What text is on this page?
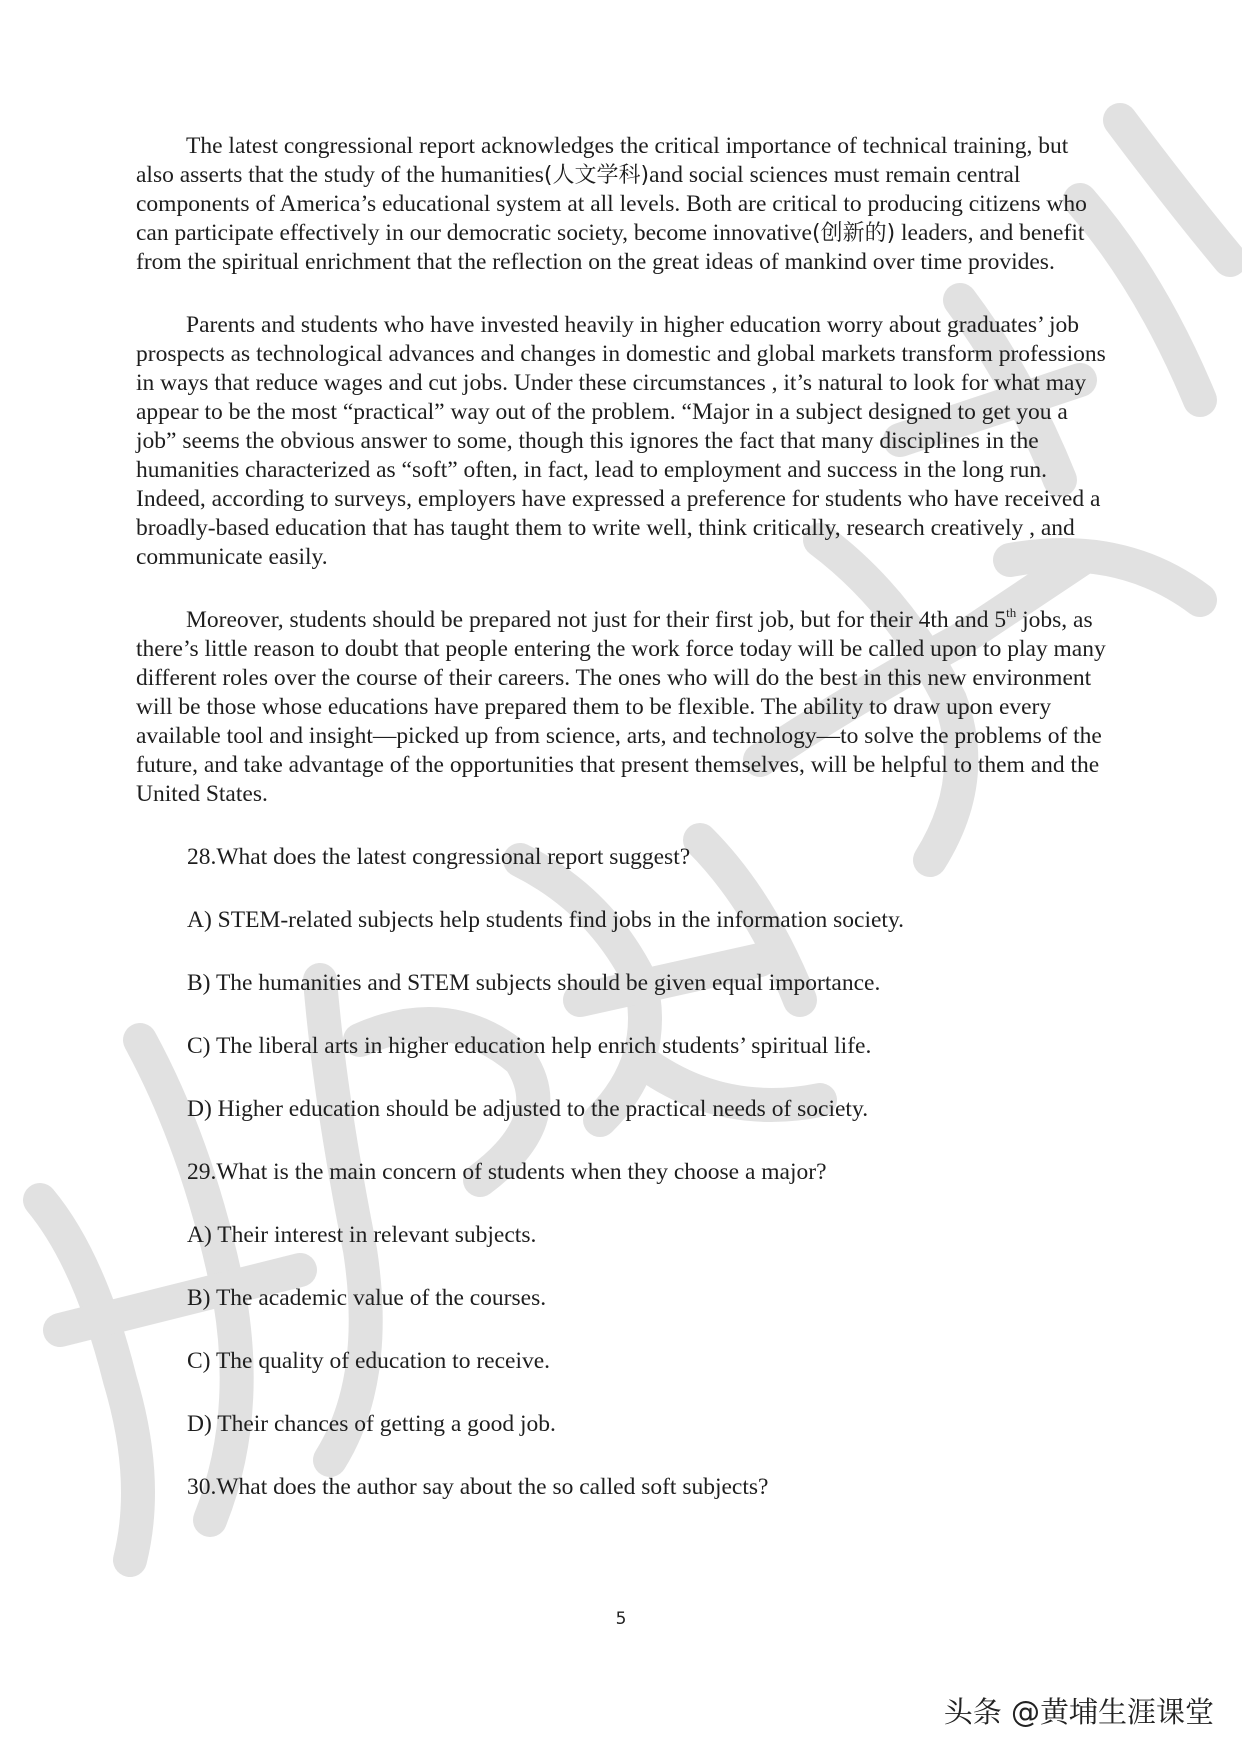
The latest congressional report acknowledges the critical importance of technical training, but also asserts that the study of the humanities(人文学科)and social sciences must remain central components of America’s educational system at all levels. Both are critical to producing citizens who can participate effectively in our democratic society, become innovative(创新的) leaders, and benefit from the spiritual enrichment that the reflection on the great ideas of mankind over time provides.

Parents and students who have invested heavily in higher education worry about graduates’ job prospects as technological advances and changes in domestic and global markets transform professions in ways that reduce wages and cut jobs. Under these circumstances , it’s natural to look for what may appear to be the most “practical” way out of the problem. “Major in a subject designed to get you a job” seems the obvious answer to some, though this ignores the fact that many disciplines in the humanities characterized as “soft” often, in fact, lead to employment and success in the long run. Indeed, according to surveys, employers have expressed a preference for students who have received a broadly-based education that has taught them to write well, think critically, research creatively , and communicate easily.

Moreover, students should be prepared not just for their first job, but for their 4th and 5th jobs, as there’s little reason to doubt that people entering the work force today will be called upon to play many different roles over the course of their careers. The ones who will do the best in this new environment will be those whose educations have prepared them to be flexible. The ability to draw upon every available tool and insight—picked up from science, arts, and technology—to solve the problems of the future, and take advantage of the opportunities that present themselves, will be helpful to them and the United States.

28.What does the latest congressional report suggest?

A) STEM-related subjects help students find jobs in the information society.

B) The humanities and STEM subjects should be given equal importance.

C) The liberal arts in higher education help enrich students’ spiritual life.

D) Higher education should be adjusted to the practical needs of society.

29.What is the main concern of students when they choose a major?

A) Their interest in relevant subjects.

B) The academic value of the courses.

C) The quality of education to receive.

D) Their chances of getting a good job.

30.What does the author say about the so called soft subjects?

5
头条 @黄埔生涯课堂
